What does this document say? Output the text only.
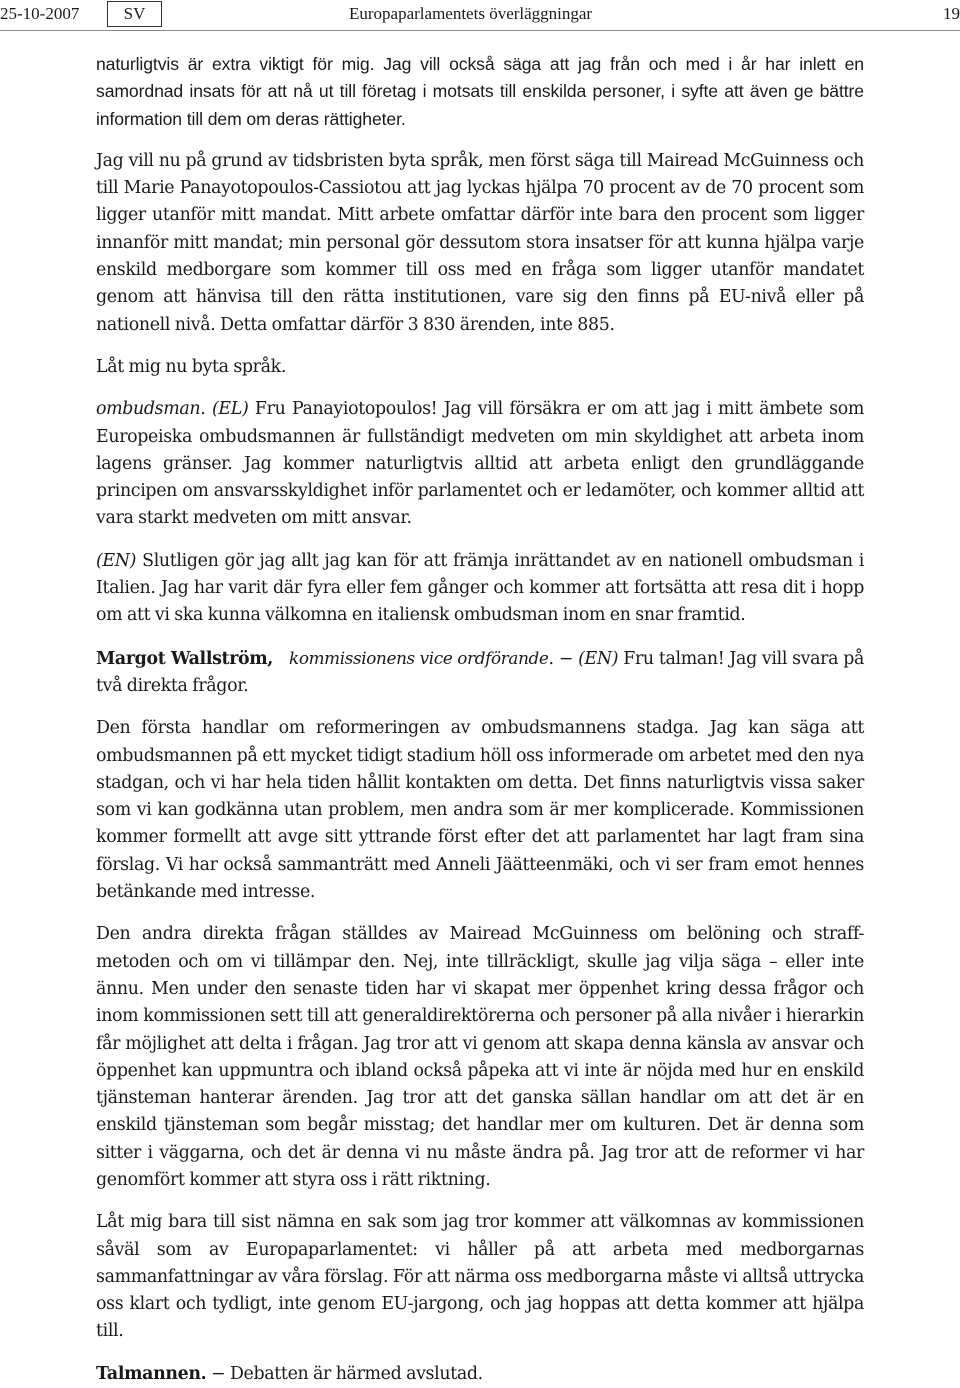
25-10-2007	SV	Europaparlamentets överläggningar	19

naturligtvis är extra viktigt för mig. Jag vill också säga att jag från och med i år har inlett en samordnad insats för att nå ut till företag i motsats till enskilda personer, i syfte att även ge bättre information till dem om deras rättigheter.

Jag vill nu på grund av tidsbristen byta språk, men först säga till Mairead McGuinness och till Marie Panayotopoulos-Cassiotou att jag lyckas hjälpa 70 procent av de 70 procent som ligger utanför mitt mandat. Mitt arbete omfattar därför inte bara den procent som ligger innanför mitt mandat; min personal gör dessutom stora insatser för att kunna hjälpa varje enskild medborgare som kommer till oss med en fråga som ligger utanför mandatet genom att hänvisa till den rätta institutionen, vare sig den finns på EU-nivå eller på nationell nivå. Detta omfattar därför 3 830 ärenden, inte 885.

Låt mig nu byta språk.

ombudsman. (EL) Fru Panayiotopoulos! Jag vill försäkra er om att jag i mitt ämbete som Europeiska ombudsmannen är fullständigt medveten om min skyldighet att arbeta inom lagens gränser. Jag kommer naturligtvis alltid att arbeta enligt den grundläggande principen om ansvarsskyldighet inför parlamentet och er ledamöter, och kommer alltid att vara starkt medveten om mitt ansvar.

(EN) Slutligen gör jag allt jag kan för att främja inrättandet av en nationell ombudsman i Italien. Jag har varit där fyra eller fem gånger och kommer att fortsätta att resa dit i hopp om att vi ska kunna välkomna en italiensk ombudsman inom en snar framtid.

Margot Wallström, kommissionens vice ordförande. − (EN) Fru talman! Jag vill svara på två direkta frågor.

Den första handlar om reformeringen av ombudsmannens stadga. Jag kan säga att ombudsmannen på ett mycket tidigt stadium höll oss informerade om arbetet med den nya stadgan, och vi har hela tiden hållit kontakten om detta. Det finns naturligtvis vissa saker som vi kan godkänna utan problem, men andra som är mer komplicerade. Kommissionen kommer formellt att avge sitt yttrande först efter det att parlamentet har lagt fram sina förslag. Vi har också sammanträtt med Anneli Jäätteenmäki, och vi ser fram emot hennes betänkande med intresse.

Den andra direkta frågan ställdes av Mairead McGuinness om belöning och straff-metoden och om vi tillämpar den. Nej, inte tillräckligt, skulle jag vilja säga – eller inte ännu. Men under den senaste tiden har vi skapat mer öppenhet kring dessa frågor och inom kommissionen sett till att generaldirektörerna och personer på alla nivåer i hierarkin får möjlighet att delta i frågan. Jag tror att vi genom att skapa denna känsla av ansvar och öppenhet kan uppmuntra och ibland också påpeka att vi inte är nöjda med hur en enskild tjänsteman hanterar ärenden. Jag tror att det ganska sällan handlar om att det är en enskild tjänsteman som begår misstag; det handlar mer om kulturen. Det är denna som sitter i väggarna, och det är denna vi nu måste ändra på. Jag tror att de reformer vi har genomfört kommer att styra oss i rätt riktning.

Låt mig bara till sist nämna en sak som jag tror kommer att välkomnas av kommissionen såväl som av Europaparlamentet: vi håller på att arbeta med medborgarnas sammanfattningar av våra förslag. För att närma oss medborgarna måste vi alltså uttrycka oss klart och tydligt, inte genom EU-jargong, och jag hoppas att detta kommer att hjälpa till.

Talmannen. − Debatten är härmed avslutad.
